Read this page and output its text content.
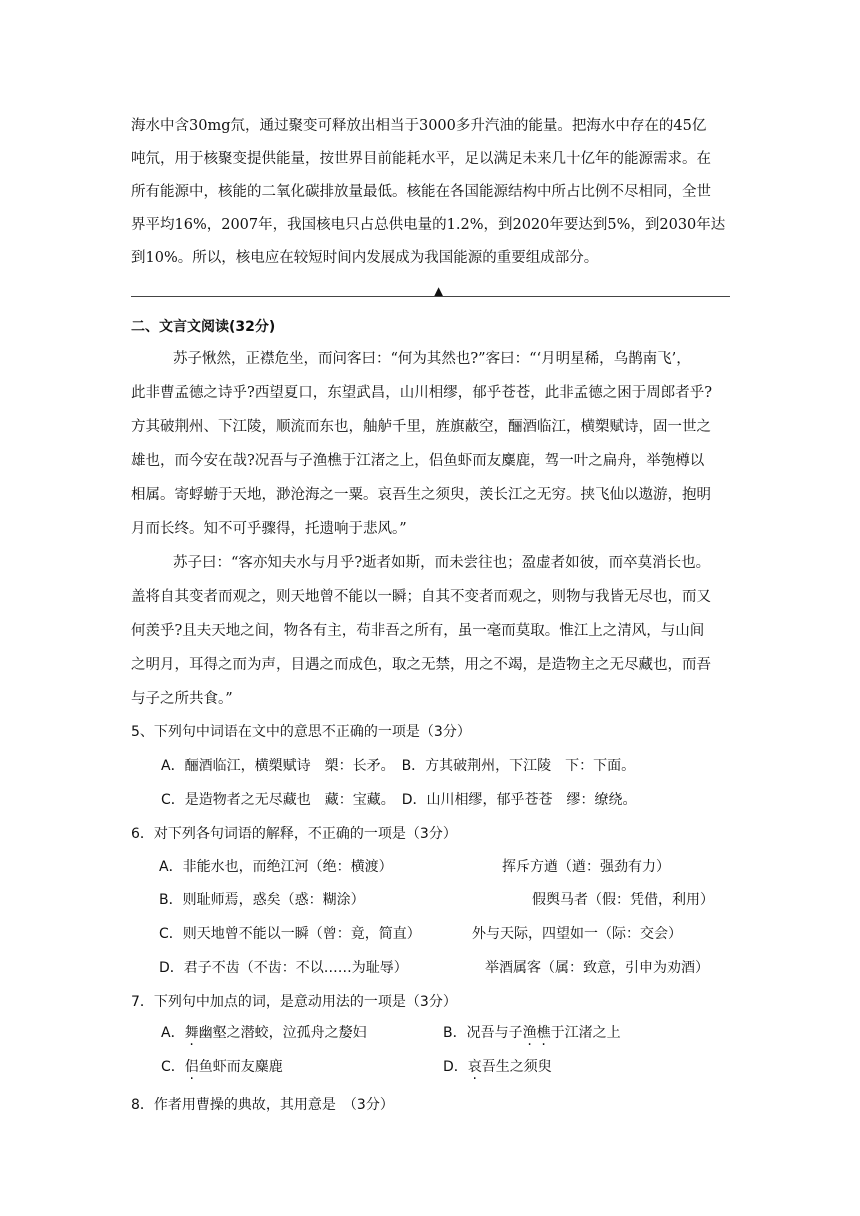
海水中含30mg氘，通过聚变可释放出相当于3000多升汽油的能量。把海水中存在的45亿
吨氘，用于核聚变提供能量，按世界目前能耗水平，足以满足未来几十亿年的能源需求。在
所有能源中，核能的二氧化碳排放量最低。核能在各国能源结构中所占比例不尽相同，全世
界平均16%，2007年，我国核电只占总供电量的1.2%，到2020年要达到5%，到2030年达
到10%。所以，核电应在较短时间内发展成为我国能源的重要组成部分。
▲
二、文言文阅读(32分)
苏子愀然，正襟危坐，而问客曰：“何为其然也?”客曰：“‘月明星稀，乌鹊南飞’，
此非曹孟德之诗乎?西望夏口，东望武昌，山川相缪，郁乎苍苍，此非孟德之困于周郎者乎?
方其破荆州、下江陵，顺流而东也，舳舻千里，旌旗蔽空，酾酒临江，横槊赋诗，固一世之
雄也，而今安在哉?况吾与子渔樵于江渚之上，侣鱼虾而友麋鹿，驾一叶之扁舟，举匏樽以
相属。寄蜉蝣于天地，渺沧海之一粟。哀吾生之须臾，羡长江之无穷。挟飞仙以遨游，抱明
月而长终。知不可乎骤得，托遗响于悲风。”
苏子曰：“客亦知夫水与月乎?逝者如斯，而未尝往也；盈虚者如彼，而卒莫消长也。
盖将自其变者而观之，则天地曾不能以一瞬；自其不变者而观之，则物与我皆无尽也，而又
何羡乎?且夫天地之间，物各有主，苟非吾之所有，虽一毫而莫取。惟江上之清风，与山间
之明月，耳得之而为声，目遇之而成色，取之无禁，用之不竭，是造物主之无尽藏也，而吾
与子之所共食。”
5、下列句中词语在文中的意思不正确的一项是（3分）
A．酾酒临江，横槊赋诗　槊：长矛。　B．方其破荆州，下江陵　下：下面。
C．是造物者之无尽藏也　藏：宝藏。　D．山川相缪，郁乎苍苍　缪：缭绕。
6．对下列各句词语的解释，不正确的一项是（3分）
A．非能水也，而绝江河（绝：横渡）	挥斥方遒（遒：强劲有力）
B．则耻师焉，惑矣（惑：糊涂）	假舆马者（假：凭借，利用）
C．则天地曾不能以一瞬（曾：竟，简直）	外与天际，四望如一（际：交会）
D．君子不齿（不齿：不以……为耻辱）	举酒属客（属：致意，引申为劝酒）
7．下列句中加点的词，是意动用法的一项是（3分）
A．舞幽壑之潜蛟，泣孤舟之嫠妇	B．况吾与子渔樵于江渚之上
C．侣鱼虾而友麋鹿	D．哀吾生之须臾
8．作者用曹操的典故，其用意是　（3分）
